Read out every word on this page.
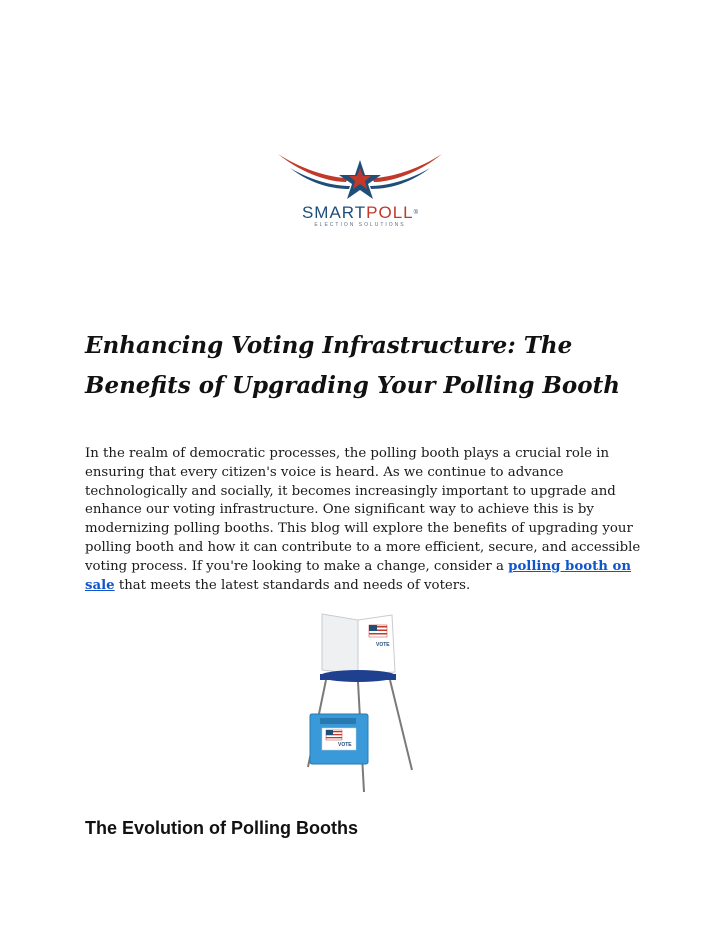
SMARTPOLL®
ELECTION SOLUTIONS
Enhancing Voting Infrastructure: The Benefits of Upgrading Your Polling Booth

In the realm of democratic processes, the polling booth plays a crucial role in ensuring that every citizen's voice is heard. As we continue to advance technologically and socially, it becomes increasingly important to upgrade and enhance our voting infrastructure. One significant way to achieve this is by modernizing polling booths. This blog will explore the benefits of upgrading your polling booth and how it can contribute to a more efficient, secure, and accessible voting process. If you're looking to make a change, consider a polling booth on sale that meets the latest standards and needs of voters.

VOTE
VOTE
The Evolution of Polling Booths
